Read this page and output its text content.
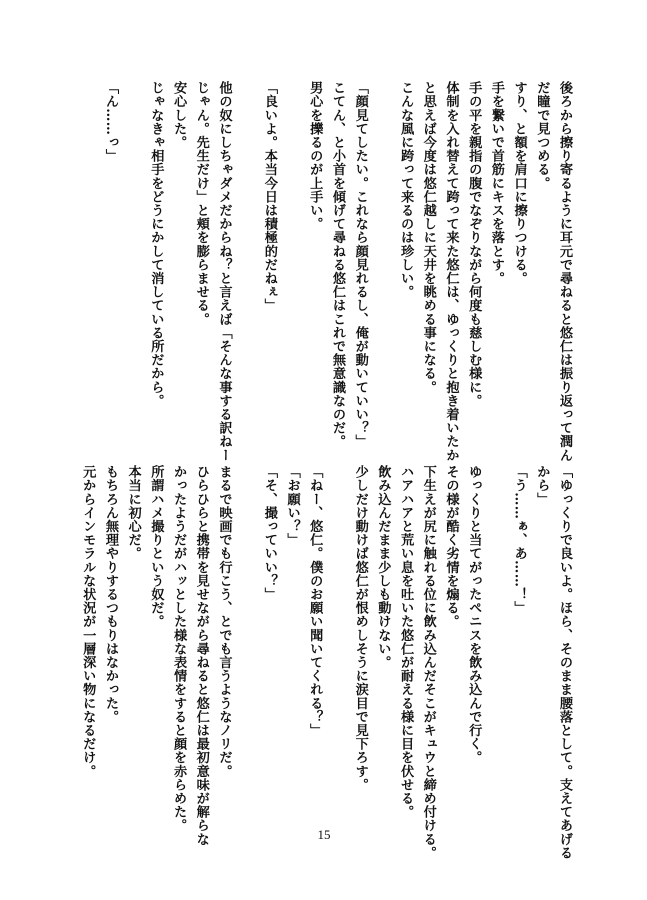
後ろから擦り寄るように耳元で尋ねると悠仁は振り返って潤ん
だ瞳で見つめる。
すり、と額を肩口に擦りつける。
手を繋いで首筋にキスを落とす。
手の平を親指の腹でなぞりながら何度も慈しむ様に。
体制を入れ替えて跨って来た悠仁は、ゆっくりと抱き着いたか
と思えば今度は悠仁越しに天井を眺める事になる。
こんな風に跨って来るのは珍しい。

「顔見てしたい。これなら顔見れるし、俺が動いていい？」
こてん、と小首を傾げて尋ねる悠仁はこれで無意識なのだ。
男心を擽るのが上手い。

「良いよ。本当今日は積極的だねぇ」

他の奴にしちゃダメだからね？と言えば「そんな事する訳ねー
じゃん。先生だけ」と頬を膨らませる。
安心した。
じゃなきゃ相手をどうにかして消している所だから。

「ん……っ」
「ゆっくりで良いよ。ほら、そのまま腰落として。支えてあげる
から」
「う……ぁ、あ……！」

ゆっくりと当てがったペニスを飲み込んで行く。
その様が酷く劣情を煽る。
下生えが尻に触れる位に飲み込んだそこがキュウと締め付ける。
ハアハアと荒い息を吐いた悠仁が耐える様に目を伏せる。
飲み込んだまま少しも動けない。
少しだけ動けば悠仁が恨めしそうに涙目で見下ろす。

「ねー、悠仁。僕のお願い聞いてくれる？」
「お願い？」
「そ、撮っていい？」

まるで映画でも行こう、とでも言うようなノリだ。
ひらひらと携帯を見せながら尋ねると悠仁は最初意味が解らな
かったようだがハッとした様な表情をすると顔を赤らめた。
所謂ハメ撮りという奴だ。
本当に初心だ。
もちろん無理やりするつもりはなかった。
元からインモラルな状況が一層深い物になるだけ。
15
